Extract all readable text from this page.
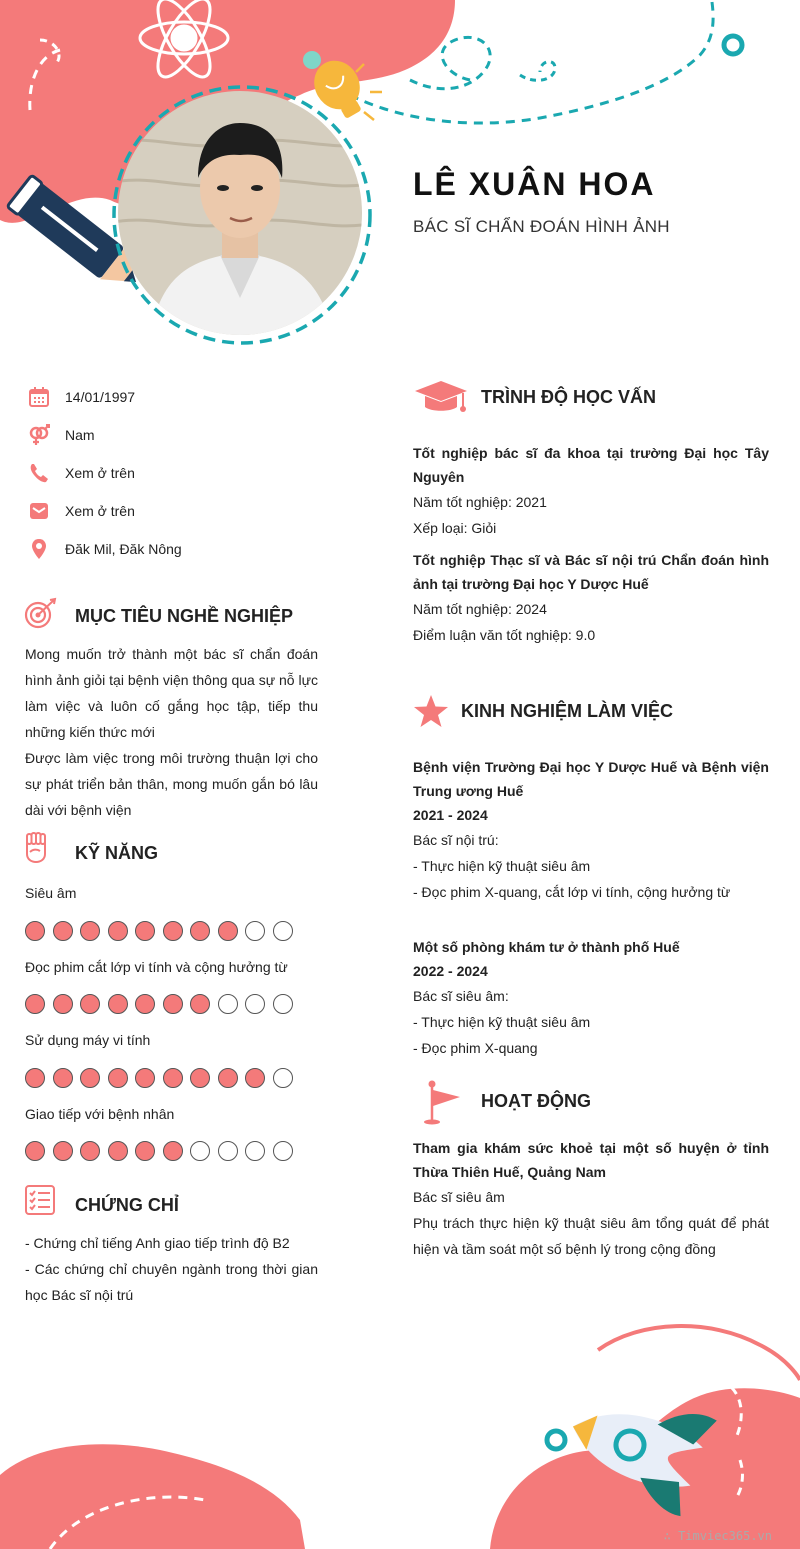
LÊ XUÂN HOA
BÁC SĨ CHẨN ĐOÁN HÌNH ẢNH
14/01/1997
Nam
Xem ở trên
Xem ở trên
Đăk Mil, Đăk Nông
MỤC TIÊU NGHỀ NGHIỆP

Mong muốn trở thành một bác sĩ chẩn đoán hình ảnh giỏi tại bệnh viện thông qua sự nỗ lực làm việc và luôn cố gắng học tập, tiếp thu những kiến thức mới

Được làm việc trong môi trường thuận lợi cho sự phát triển bản thân, mong muốn gắn bó lâu dài với bệnh viện

KỸ NĂNG
Siêu âm
Đọc phim cắt lớp vi tính và cộng hưởng từ
Sử dụng máy vi tính
Giao tiếp với bệnh nhân
CHỨNG CHỈ

- Chứng chỉ tiếng Anh giao tiếp trình độ B2

- Các chứng chỉ chuyên ngành trong thời gian học Bác sĩ nội trú

TRÌNH ĐỘ HỌC VẤN

Tốt nghiệp bác sĩ đa khoa tại trường Đại học Tây Nguyên

Năm tốt nghiệp: 2021

Xếp loại: Giỏi

Tốt nghiệp Thạc sĩ và Bác sĩ nội trú Chẩn đoán hình ảnh tại trường Đại học Y Dược Huế

Năm tốt nghiệp: 2024

Điểm luận văn tốt nghiệp: 9.0

KINH NGHIỆM LÀM VIỆC

Bệnh viện Trường Đại học Y Dược Huế và Bệnh viện Trung ương Huế

2021 - 2024

Bác sĩ nội trú:

- Thực hiện kỹ thuật siêu âm

- Đọc phim X-quang, cắt lớp vi tính, cộng hưởng từ

Một số phòng khám tư ở thành phố Huế

2022 - 2024

Bác sĩ siêu âm:

- Thực hiện kỹ thuật siêu âm

- Đọc phim X-quang

HOẠT ĐỘNG

Tham gia khám sức khoẻ tại một số huyện ở tỉnh Thừa Thiên Huế, Quảng Nam

Bác sĩ siêu âm

Phụ trách thực hiện kỹ thuật siêu âm tổng quát để phát hiện và tầm soát một số bệnh lý trong cộng đồng

∴ Timviec365.vn
